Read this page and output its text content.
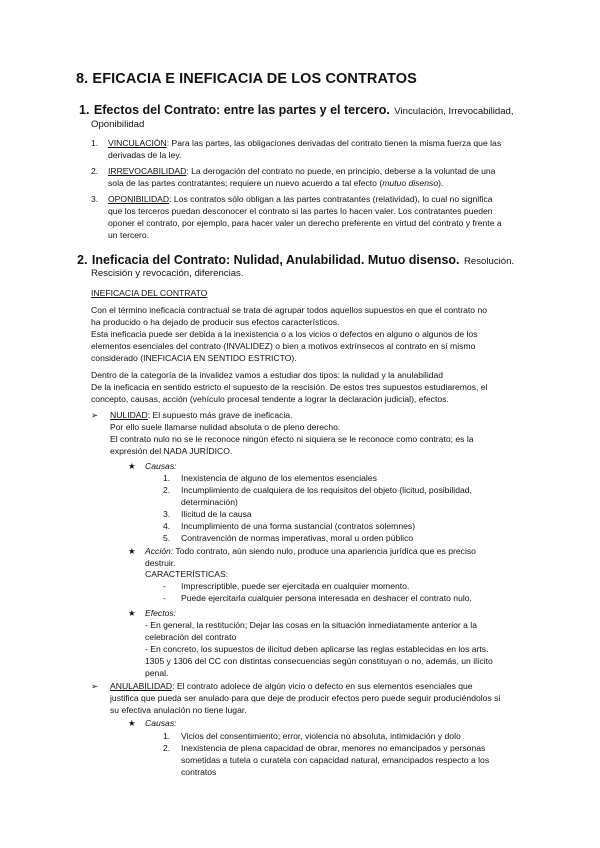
8. EFICACIA E INEFICACIA DE LOS CONTRATOS
1. Efectos del Contrato: entre las partes y el tercero. Vinculación, Irrevocabilidad,
Oponibilidad
1. VINCULACIÓN: Para las partes, las obligaciones derivadas del contrato tienen la misma fuerza que las
derivadas de la ley.
2. IRREVOCABILIDAD: La derogación del contrato no puede, en principio, deberse a la voluntad de una
sola de las partes contratantes; requiere un nuevo acuerdo a tal efecto (mutuo disenso).
3. OPONIBILIDAD: Los contratos sólo obligan a las partes contratantes (relatividad), lo cual no significa
que los terceros puedan desconocer el contrato si las partes lo hacen valer. Los contratantes pueden
oponer el contrato, por ejemplo, para hacer valer un derecho preferente en virtud del contrato y frente a
un tercero.
2. Ineficacia del Contrato: Nulidad, Anulabilidad. Mutuo disenso. Resolución.
Rescisión y revocación, diferencias.
INEFICACIA DEL CONTRATO
Con el término ineficacia contractual se trata de agrupar todos aquellos supuestos en que el contrato no
ha producido o ha dejado de producir sus efectos característicos.
Esta ineficacia puede ser debida a la inexistencia o a los vicios o defectos en alguno o algunos de los
elementos esenciales del contrato (INVALIDEZ) o bien a motivos extrínsecos al contrato en sí mismo
considerado (INEFICACIA EN SENTIDO ESTRICTO).
Dentro de la categoría de la invalidez vamos a estudiar dos tipos: la nulidad y la anulabilidad
De la ineficacia en sentido estricto el supuesto de la rescisión. De estos tres supuestos estudiaremos, el
concepto, causas, acción (vehículo procesal tendente a lograr la declaración judicial), efectos.
➢ NULIDAD: El supuesto más grave de ineficacia.
Por ello suele llamarse nulidad absoluta o de pleno derecho.
El contrato nulo no se le reconoce ningún efecto ni siquiera se le reconoce como contrato; es la
expresión del NADA JURÍDICO.
★ Causas:
1. Inexistencia de alguno de los elementos esenciales
2. Incumplimiento de cualquiera de los requisitos del objeto (licitud, posibilidad,
determinación)
3. Ilicitud de la causa
4. Incumplimiento de una forma sustancial (contratos solemnes)
5. Contravención de normas imperativas, moral u orden público
★ Acción: Todo contrato, aún siendo nulo, produce una apariencia jurídica que es preciso
destruir.
CARACTERÍSTICAS:
- Imprescriptible, puede ser ejercitada en cualquier momento.
- Puede ejercitarla cualquier persona interesada en deshacer el contrato nulo.
★ Efectos:
- En general, la restitución; Dejar las cosas en la situación inmediatamente anterior a la
celebración del contrato
- En concreto, los supuestos de ilicitud deben aplicarse las reglas establecidas en los arts.
1305 y 1306 del CC con distintas consecuencias según constituyan o no, además, un ilícito
penal.
➢ ANULABILIDAD: El contrato adolece de algún vicio o defecto en sus elementos esenciales que
justifica que pueda ser anulado para que deje de producir efectos pero puede seguir produciéndolos si
su efectiva anulación no tiene lugar.
★ Causas:
1. Vicios del consentimiento; error, violencia no absoluta, intimidación y dolo
2. Inexistencia de plena capacidad de obrar, menores no emancipados y personas
sometidas a tutela o curatela con capacidad natural, emancipados respecto a los
contratos
